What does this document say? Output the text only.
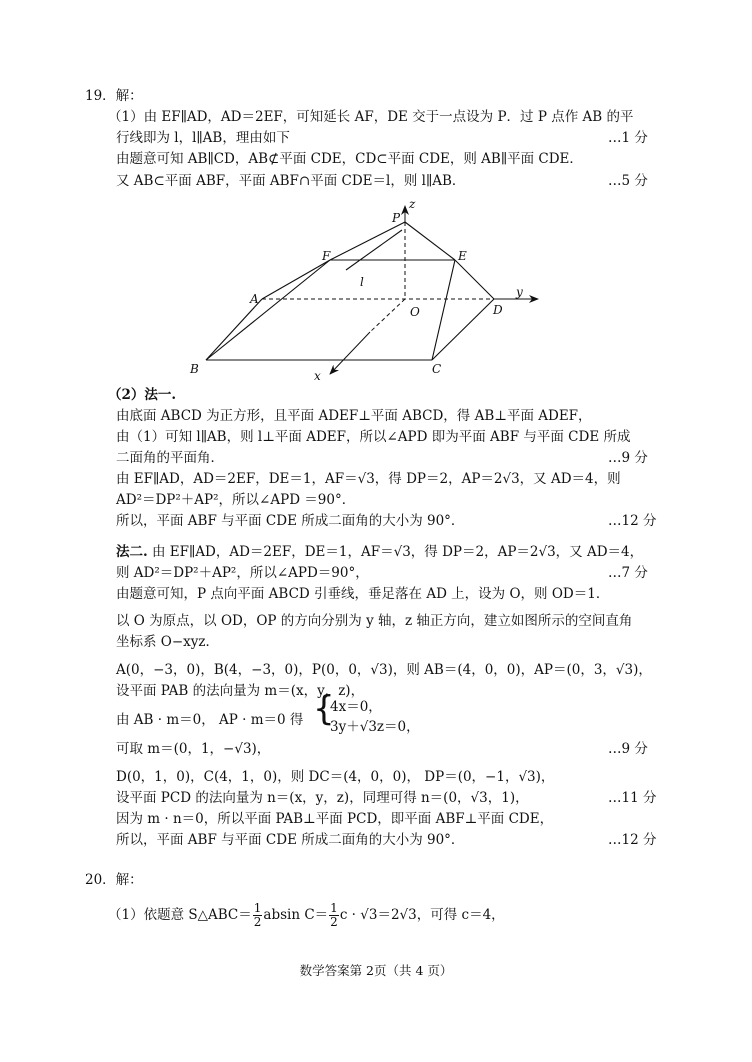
19．解：
（1）由 EF∥AD，AD＝2EF，可知延长 AF，DE 交于一点设为 P．过 P 点作 AB 的平
行线即为 l，l∥AB，理由如下	…1 分
由题意可知 AB∥CD，AB⊄平面 CDE，CD⊂平面 CDE，则 AB∥平面 CDE．
又 AB⊂平面 ABF，平面 ABF∩平面 CDE＝l，则 l∥AB．	…5 分
P
z
F	E
l
A	y
O	D
B	x	C
（2）法一.
由底面 ABCD 为正方形，且平面 ADEF⊥平面 ABCD，得 AB⊥平面 ADEF，
由（1）可知 l∥AB，则 l⊥平面 ADEF，所以∠APD 即为平面 ABF 与平面 CDE 所成
二面角的平面角．	…9 分
由 EF∥AD，AD＝2EF，DE＝1，AF＝√3，得 DP＝2，AP＝2√3，又 AD＝4，则
AD²＝DP²＋AP²，所以∠APD ＝90°．
所以，平面 ABF 与平面 CDE 所成二面角的大小为 90°．	…12 分
法二. 由 EF∥AD，AD＝2EF，DE＝1，AF＝√3，得 DP＝2，AP＝2√3，又 AD＝4，
则 AD²＝DP²＋AP²，所以∠APD＝90°，	…7 分
由题意可知，P 点向平面 ABCD 引垂线，垂足落在 AD 上，设为 O，则 OD＝1．
以 O 为原点，以 OD，OP 的方向分别为 y 轴，z 轴正方向，建立如图所示的空间直角
坐标系 O−xyz．
A(0，−3，0)，B(4，−3，0)，P(0，0，√3)，则 AB＝(4，0，0)，AP＝(0，3，√3)，
设平面 PAB 的法向量为 m＝(x，y，z)，
由 AB · m＝0， AP · m＝0 得 {
4x＝0，
3y＋√3z＝0，
可取 m＝(0，1，−√3)，	…9 分
D(0，1，0)，C(4，1，0)，则 DC＝(4，0，0)， DP＝(0，−1，√3)，
设平面 PCD 的法向量为 n＝(x，y，z)，同理可得 n＝(0，√3，1)，	…11 分
因为 m · n＝0，所以平面 PAB⊥平面 PCD，即平面 ABF⊥平面 CDE，
所以，平面 ABF 与平面 CDE 所成二面角的大小为 90°．	…12 分
20．解：
（1）依题意 S△ABC＝ $\frac{1}{2}$ absin $C= \frac{1}{2}$ c · √3＝2√3，可得 c＝4，
数学答案第 2页（共 4 页）
